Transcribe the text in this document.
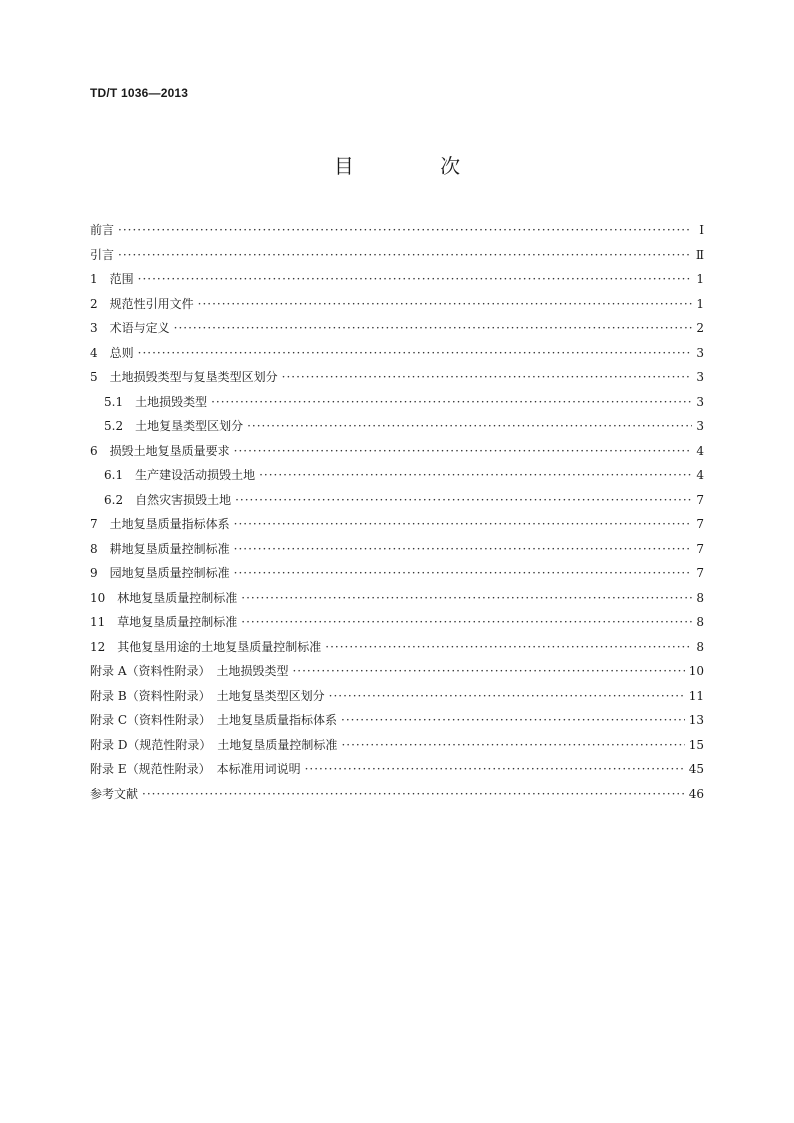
TD/T 1036—2013
目 次
前言 ·····	Ⅰ
引言 ·····	Ⅱ
1　范围 ·····	1
2　规范性引用文件 ·····	1
3　术语与定义 ·····	2
4　总则 ·····	3
5　土地损毁类型与复垦类型区划分 ·····	3
5.1　土地损毁类型 ·····	3
5.2　土地复垦类型区划分 ·····	3
6　损毁土地复垦质量要求 ·····	4
6.1　生产建设活动损毁土地 ·····	4
6.2　自然灾害损毁土地 ·····	7
7　土地复垦质量指标体系 ·····	7
8　耕地复垦质量控制标准 ·····	7
9　园地复垦质量控制标准 ·····	7
10　林地复垦质量控制标准 ·····	8
11　草地复垦质量控制标准 ·····	8
12　其他复垦用途的土地复垦质量控制标准 ·····	8
附录 A（资料性附录）　土地损毁类型 ·····	10
附录 B（资料性附录）　土地复垦类型区划分 ·····	11
附录 C（资料性附录）　土地复垦质量指标体系 ·····	13
附录 D（规范性附录）　土地复垦质量控制标准 ·····	15
附录 E（规范性附录）　本标准用词说明 ·····	45
参考文献 ·····	46
